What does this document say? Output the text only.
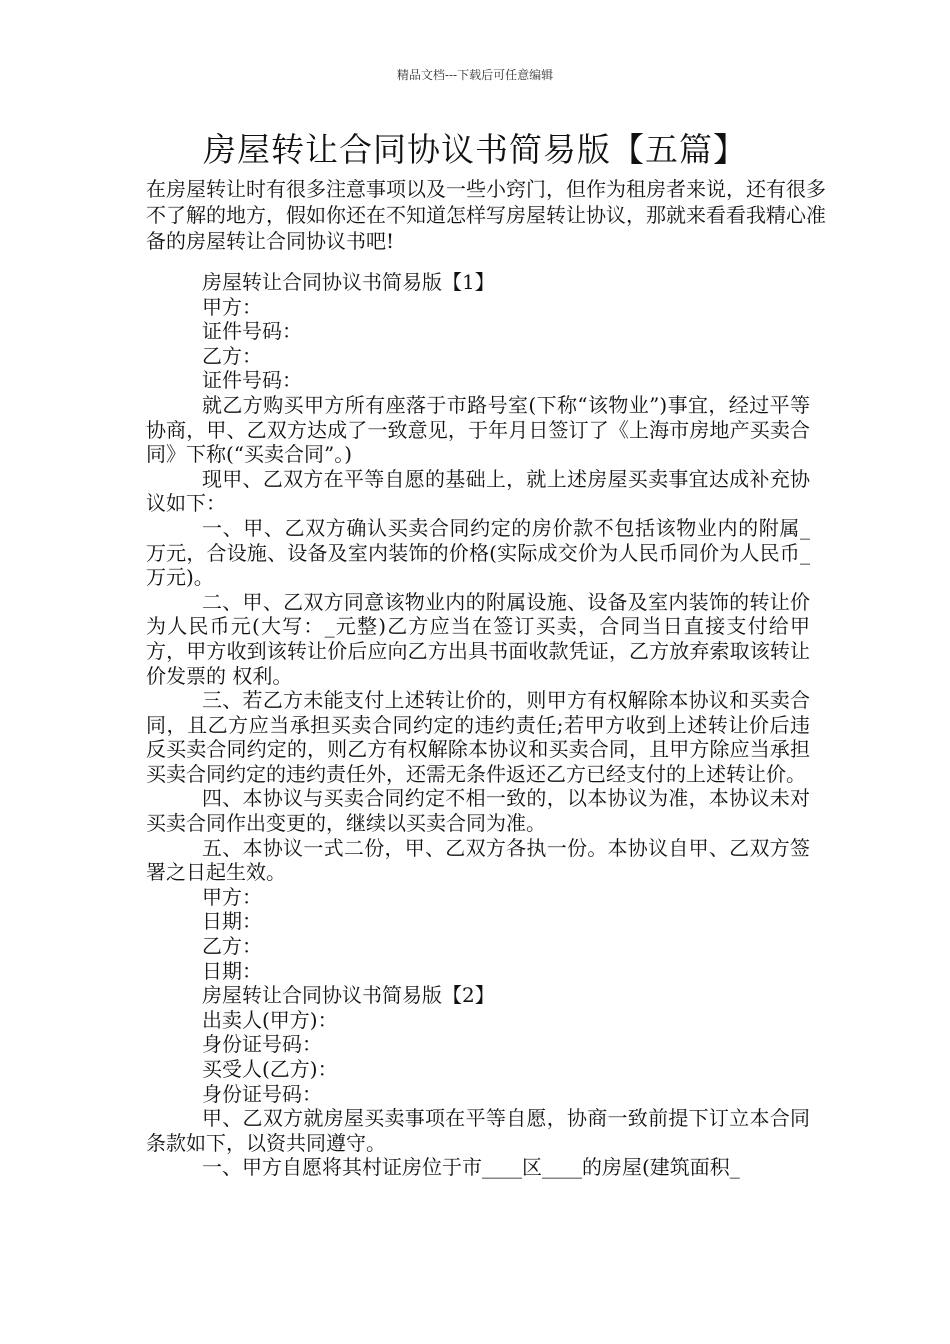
精品文档---下载后可任意编辑
房屋转让合同协议书简易版【五篇】

在房屋转让时有很多注意事项以及一些小窍门，但作为租房者来说，还有很多不了解的地方，假如你还在不知道怎样写房屋转让协议，那就来看看我精心准备的房屋转让合同协议书吧!

房屋转让合同协议书简易版【1】

甲方：

证件号码：

乙方：

证件号码：

就乙方购买甲方所有座落于市路号室(下称“该物业”)事宜，经过平等协商，甲、乙双方达成了一致意见，于年月日签订了《上海市房地产买卖合同》下称(“买卖合同”。)

现甲、乙双方在平等自愿的基础上，就上述房屋买卖事宜达成补充协议如下：

一、甲、乙双方确认买卖合同约定的房价款不包括该物业内的附属_万元，合设施、设备及室内装饰的价格(实际成交价为人民币同价为人民币_万元)。

二、甲、乙双方同意该物业内的附属设施、设备及室内装饰的转让价为人民币元(大写：_元整)乙方应当在签订买卖，合同当日直接支付给甲方，甲方收到该转让价后应向乙方出具书面收款凭证，乙方放弃索取该转让价发票的 权利。

三、若乙方未能支付上述转让价的，则甲方有权解除本协议和买卖合同，且乙方应当承担买卖合同约定的违约责任;若甲方收到上述转让价后违反买卖合同约定的，则乙方有权解除本协议和买卖合同，且甲方除应当承担买卖合同约定的违约责任外，还需无条件返还乙方已经支付的上述转让价。

四、本协议与买卖合同约定不相一致的，以本协议为准，本协议未对买卖合同作出变更的，继续以买卖合同为准。

五、本协议一式二份，甲、乙双方各执一份。本协议自甲、乙双方签署之日起生效。

甲方：

日期：

乙方：

日期：

房屋转让合同协议书简易版【2】

出卖人(甲方)：

身份证号码：

买受人(乙方)：

身份证号码：

甲、乙双方就房屋买卖事项在平等自愿，协商一致前提下订立本合同条款如下，以资共同遵守。

一、甲方自愿将其村证房位于市____区____的房屋(建筑面积_
